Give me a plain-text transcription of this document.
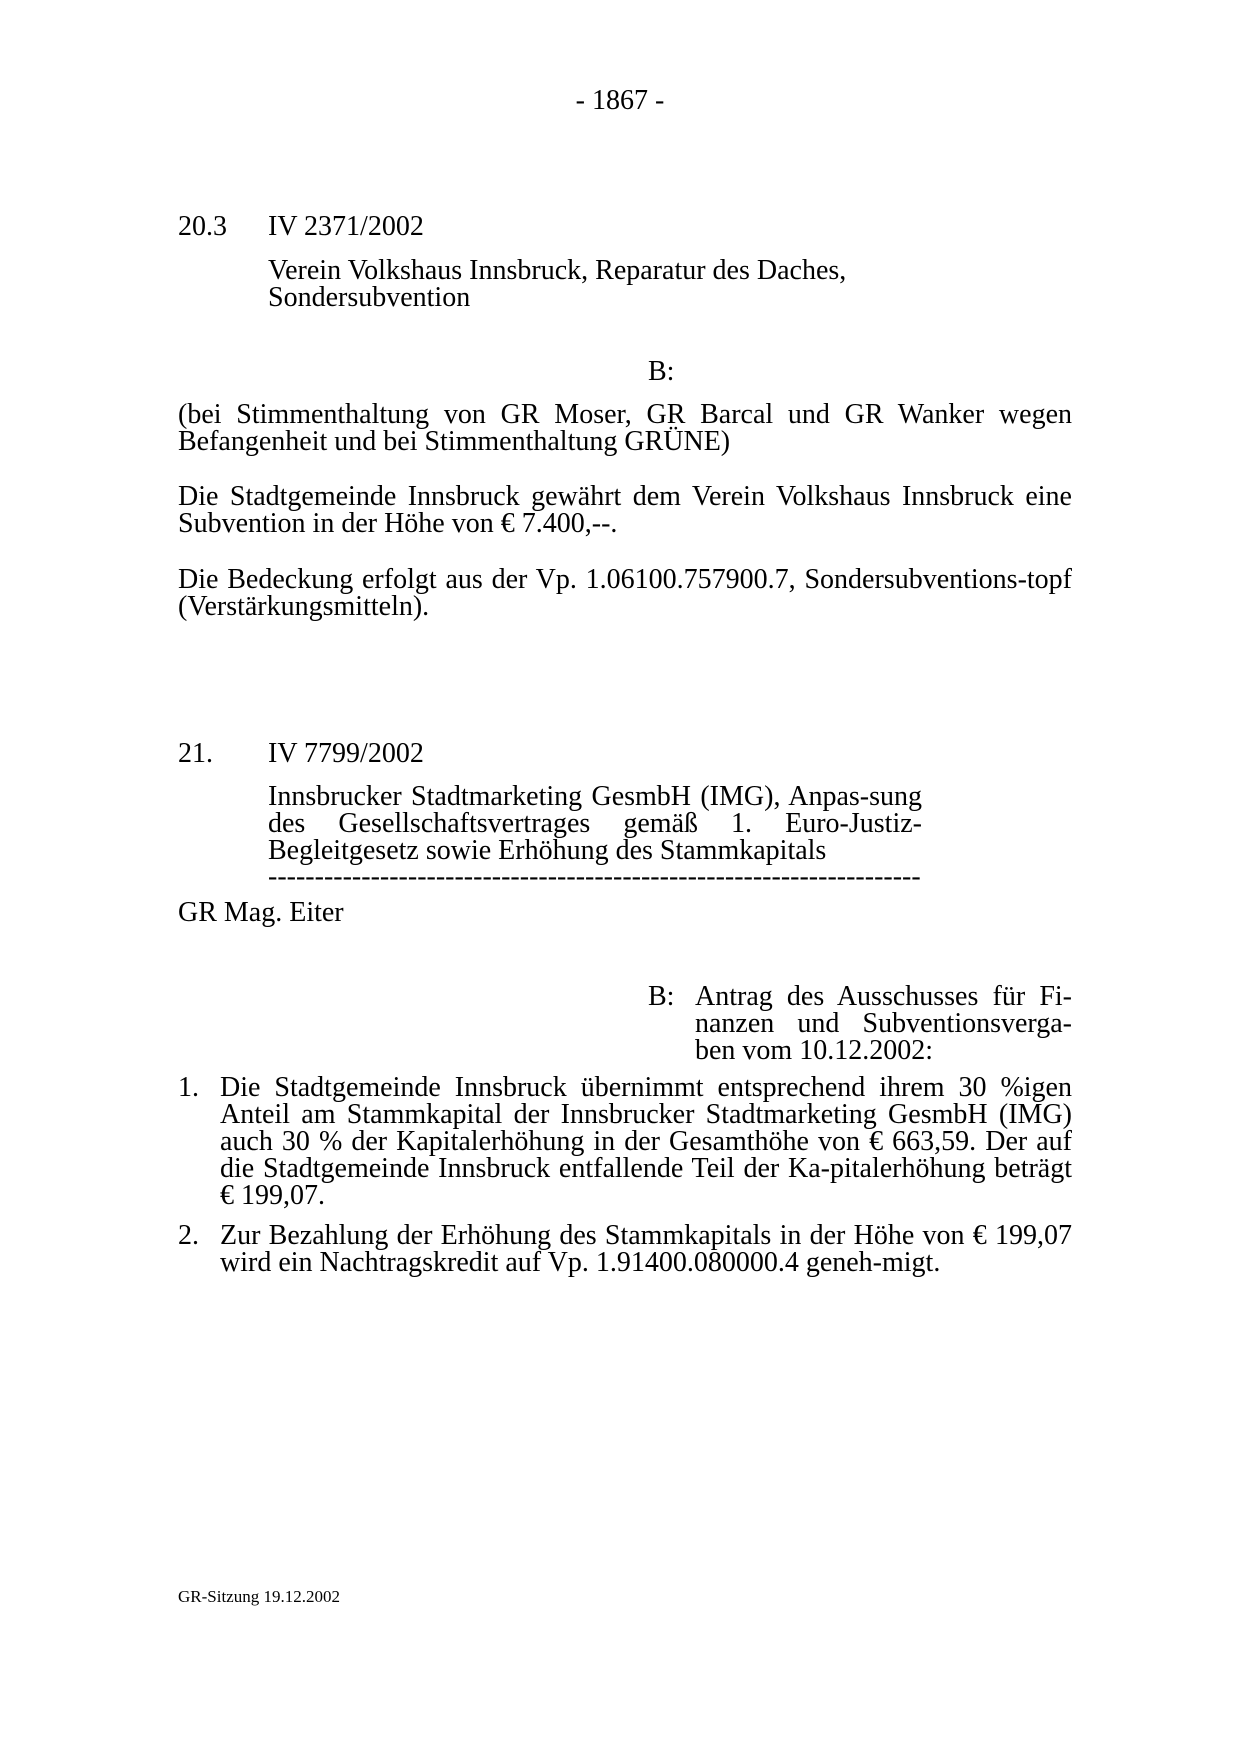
- 1867 -
20.3 IV 2371/2002
Verein Volkshaus Innsbruck, Reparatur des Daches, Sondersubvention
B:
(bei Stimmenthaltung von GR Moser, GR Barcal und GR Wanker wegen Befangenheit und bei Stimmenthaltung GRÜNE)
Die Stadtgemeinde Innsbruck gewährt dem Verein Volkshaus Innsbruck eine Subvention in der Höhe von € 7.400,--.
Die Bedeckung erfolgt aus der Vp. 1.06100.757900.7, Sondersubventions-topf (Verstärkungsmitteln).
21. IV 7799/2002
Innsbrucker Stadtmarketing GesmbH (IMG), Anpas-sung des Gesellschaftsvertrages gemäß 1. Euro-Justiz-Begleitgesetz sowie Erhöhung des Stammkapitals
----------------------------------------------------------------------
GR Mag. Eiter
B: Antrag des Ausschusses für Fi-nanzen und Subventionsverga-ben vom 10.12.2002:
1. Die Stadtgemeinde Innsbruck übernimmt entsprechend ihrem 30 %igen Anteil am Stammkapital der Innsbrucker Stadtmarketing GesmbH (IMG) auch 30 % der Kapitalerhöhung in der Gesamthöhe von € 663,59. Der auf die Stadtgemeinde Innsbruck entfallende Teil der Ka-pitalerhöhung beträgt € 199,07.
2. Zur Bezahlung der Erhöhung des Stammkapitals in der Höhe von € 199,07 wird ein Nachtragskredit auf Vp. 1.91400.080000.4 geneh-migt.
GR-Sitzung 19.12.2002
